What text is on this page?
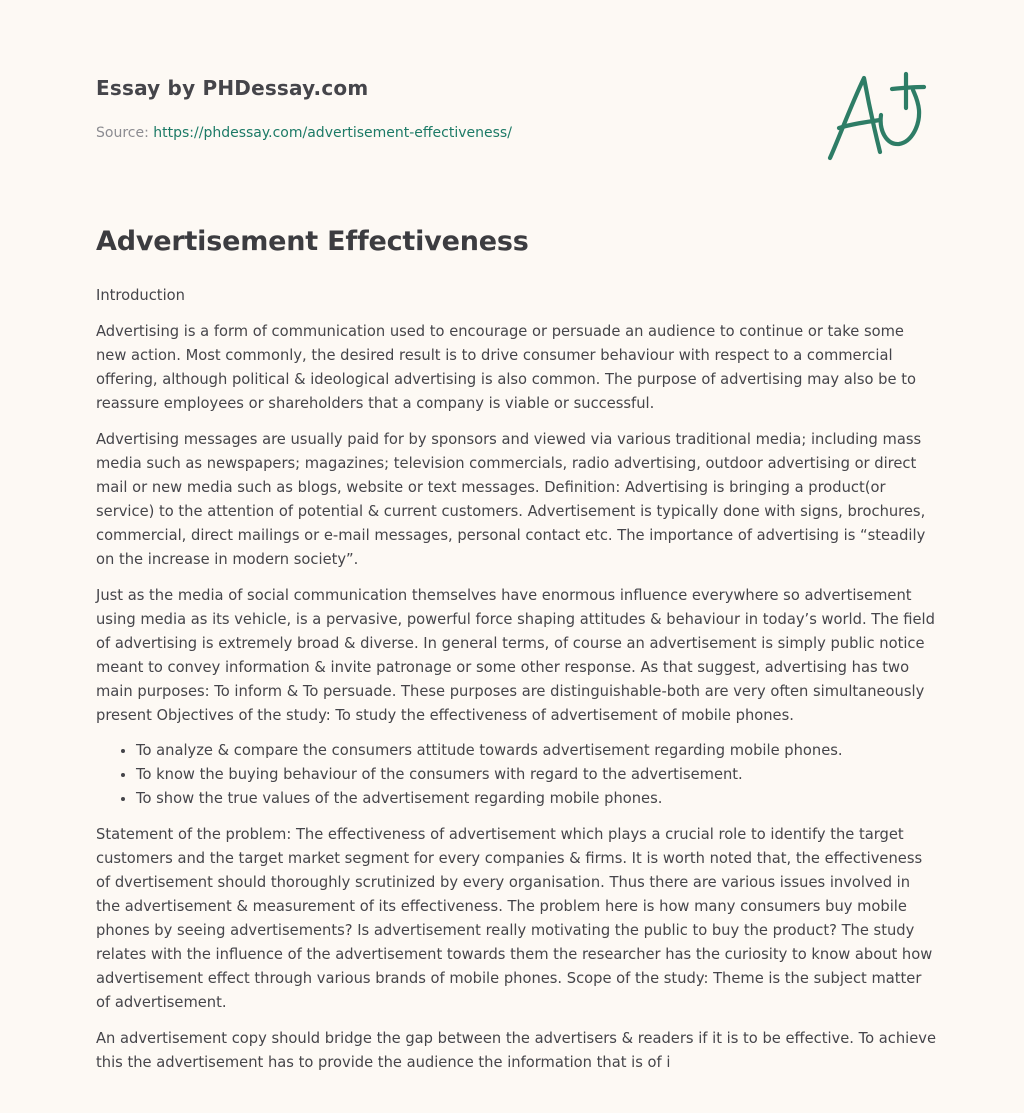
Essay by PHDessay.com
Source: https://phdessay.com/advertisement-effectiveness/
Advertisement Effectiveness

Introduction

Advertising is a form of communication used to encourage or persuade an audience to continue or take some new action. Most commonly, the desired result is to drive consumer behaviour with respect to a commercial offering, although political & ideological advertising is also common. The purpose of advertising may also be to reassure employees or shareholders that a company is viable or successful.

Advertising messages are usually paid for by sponsors and viewed via various traditional media; including mass media such as newspapers; magazines; television commercials, radio advertising, outdoor advertising or direct mail or new media such as blogs, website or text messages. Definition: Advertising is bringing a product(or service) to the attention of potential & current customers. Advertisement is typically done with signs, brochures, commercial, direct mailings or e-mail messages, personal contact etc. The importance of advertising is “steadily on the increase in modern society”.

Just as the media of social communication themselves have enormous influence everywhere so advertisement using media as its vehicle, is a pervasive, powerful force shaping attitudes & behaviour in today’s world. The field of advertising is extremely broad & diverse. In general terms, of course an advertisement is simply public notice meant to convey information & invite patronage or some other response. As that suggest, advertising has two main purposes: To inform & To persuade. These purposes are distinguishable-both are very often simultaneously present Objectives of the study: To study the effectiveness of advertisement of mobile phones.

• To analyze & compare the consumers attitude towards advertisement regarding mobile phones.
• To know the buying behaviour of the consumers with regard to the advertisement.
• To show the true values of the advertisement regarding mobile phones.

Statement of the problem: The effectiveness of advertisement which plays a crucial role to identify the target customers and the target market segment for every companies & firms. It is worth noted that, the effectiveness of dvertisement should thoroughly scrutinized by every organisation. Thus there are various issues involved in the advertisement & measurement of its effectiveness. The problem here is how many consumers buy mobile phones by seeing advertisements? Is advertisement really motivating the public to buy the product? The study relates with the influence of the advertisement towards them the researcher has the curiosity to know about how advertisement effect through various brands of mobile phones. Scope of the study: Theme is the subject matter of advertisement.

An advertisement copy should bridge the gap between the advertisers & readers if it is to be effective. To achieve this the advertisement has to provide the audience the information that is of i
